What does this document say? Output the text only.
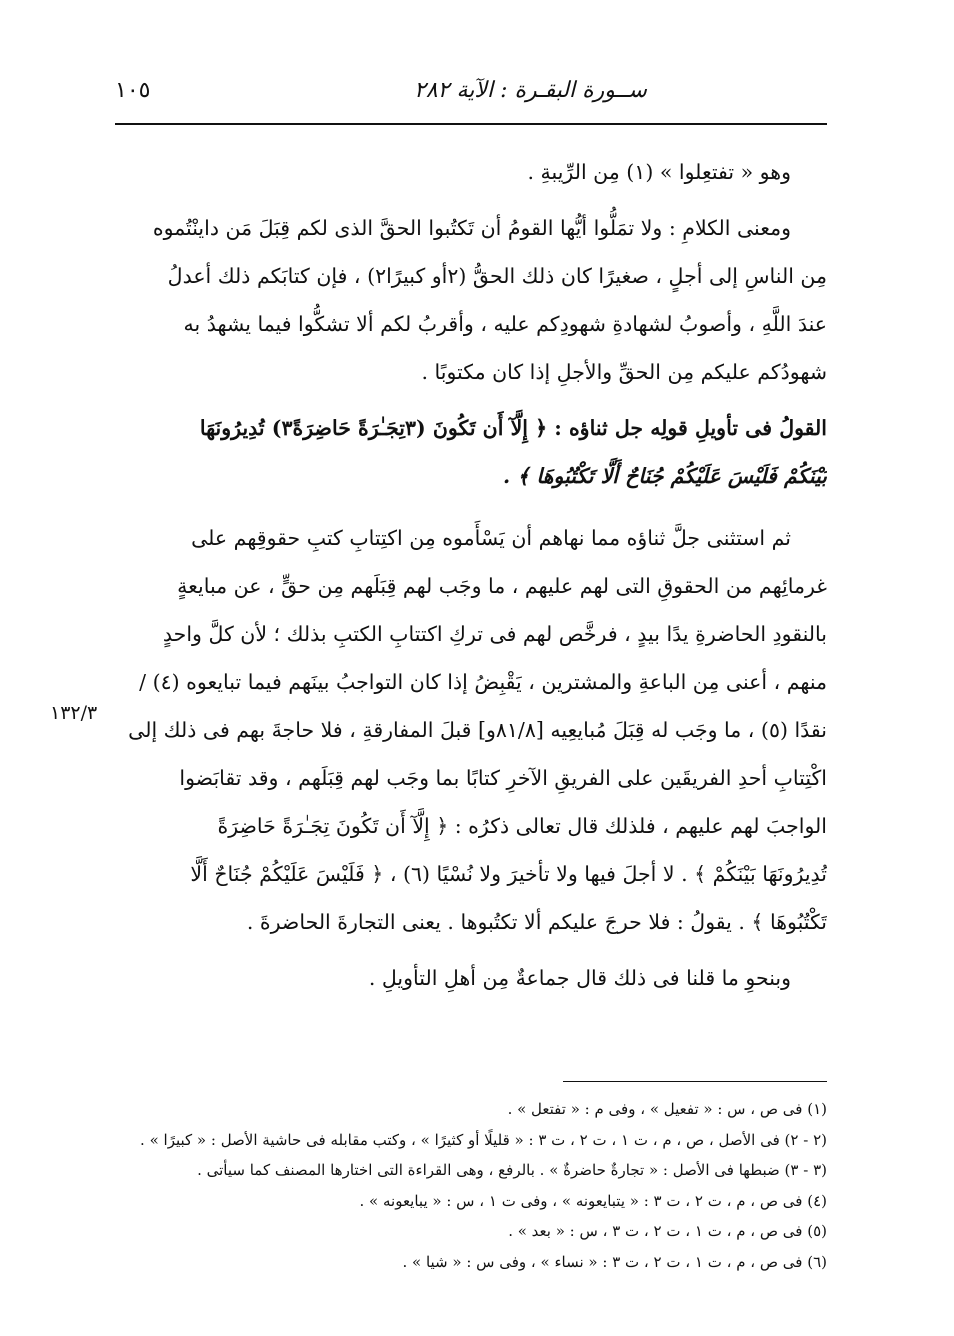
ســورة البقـرة : الآية ٢٨٢
١٠٥
وهو « تفتعِلوا » (١) مِن الرِّيبةِ .
ومعنى الكلامِ : ولا تمَلُّوا أيُّها القومُ أن تَكتُبوا الحقَّ الذى لكم قِبَلَ مَن داينْتُموه
مِن الناسِ إلى أجلٍ ، صغيرًا كان ذلك الحقُّ (٢أو كبيرًا٢) ، فإن كتابَكم ذلك أعدلُ
عندَ اللَّهِ ، وأصوبُ لشهادةِ شهودِكم عليه ، وأقربُ لكم ألا تشكُّوا فيما يشهدُ به
شهودُكم عليكم مِن الحقِّ والأجلِ إذا كان مكتوبًا .
القولُ فى تأويلِ قولِه جل ثناؤه : ﴿ إِلَّآ أَن تَكُونَ (٣تِجَـٰرَةً حَاضِرَةً٣) تُدِيرُونَهَا
بَيْنَكُمْ فَلَيْسَ عَلَيْكُمْ جُنَاحٌ أَلَّا تَكْتُبُوهَا ﴾ .
ثم استثنى جلَّ ثناؤه مما نهاهم أن يَسْأَموه مِن اكتِتابِ كتبِ حقوقِهم على
غرمائِهم من الحقوقِ التى لهم عليهم ، ما وجَب لهم قِبَلَهم مِن حقٍّ ، عن مبايعةٍ
بالنقودِ الحاضرةِ يدًا بيدٍ ، فرخَّص لهم فى تركِ اكتتابِ الكتبِ بذلك ؛ لأن كلَّ واحدٍ
منهم ، أعنى مِن الباعةِ والمشترين ، يَقْبِضُ إذا كان التواجبُ بينَهم فيما تبايعوه (٤) /
نقدًا (٥) ، ما وجَب له قِبَلَ مُبايعِيه [٨١/٨و] قبلَ المفارقةِ ، فلا حاجةَ بهم فى ذلك إلى
اكْتِتابِ أحدِ الفريقَين على الفريقِ الآخرِ كتابًا بما وجَب لهم قِبَلَهم ، وقد تقابَضوا
الواجبَ لهم عليهم ، فلذلك قال تعالى ذكرُه : ﴿ إِلَّآ أَن تَكُونَ تِجَـٰرَةً حَاضِرَةً
تُدِيرُونَهَا بَيْنَكُمْ ﴾ . لا أجلَ فيها ولا تأخيرَ ولا نُسْيًا (٦) ، ﴿ فَلَيْسَ عَلَيْكُمْ جُنَاحٌ أَلَّا
تَكْتُبُوهَا ﴾ . يقولُ : فلا حرجَ عليكم ألا تكتُبوها . يعنى التجارةَ الحاضرةَ .
وبنحوِ ما قلنا فى ذلك قال جماعةٌ مِن أهلِ التأويلِ .
١٣٢/٣
(١) فى ص ، س : « تفعيل » ، وفى م : « تفتعل » .
(٢ - ٢) فى الأصل ، ص ، م ، ت ١ ، ت ٢ ، ت ٣ : « قليلًا أو كثيرًا » ، وكتب مقابله فى حاشية الأصل : « كبيرًا » .
(٣ - ٣) ضبطها فى الأصل : « تجارةٌ حاضرةٌ » . بالرفع ، وهى القراءة التى اختارها المصنف كما سيأتى .
(٤) فى ص ، م ، ت ٢ ، ت ٣ : « يتبايعونه » ، وفى ت ١ ، س : « يبايعونه » .
(٥) فى ص ، م ، ت ١ ، ت ٢ ، ت ٣ ، س : « بعد » .
(٦) فى ص ، م ، ت ١ ، ت ٢ ، ت ٣ : « نساء » ، وفى س : « شيا » .
